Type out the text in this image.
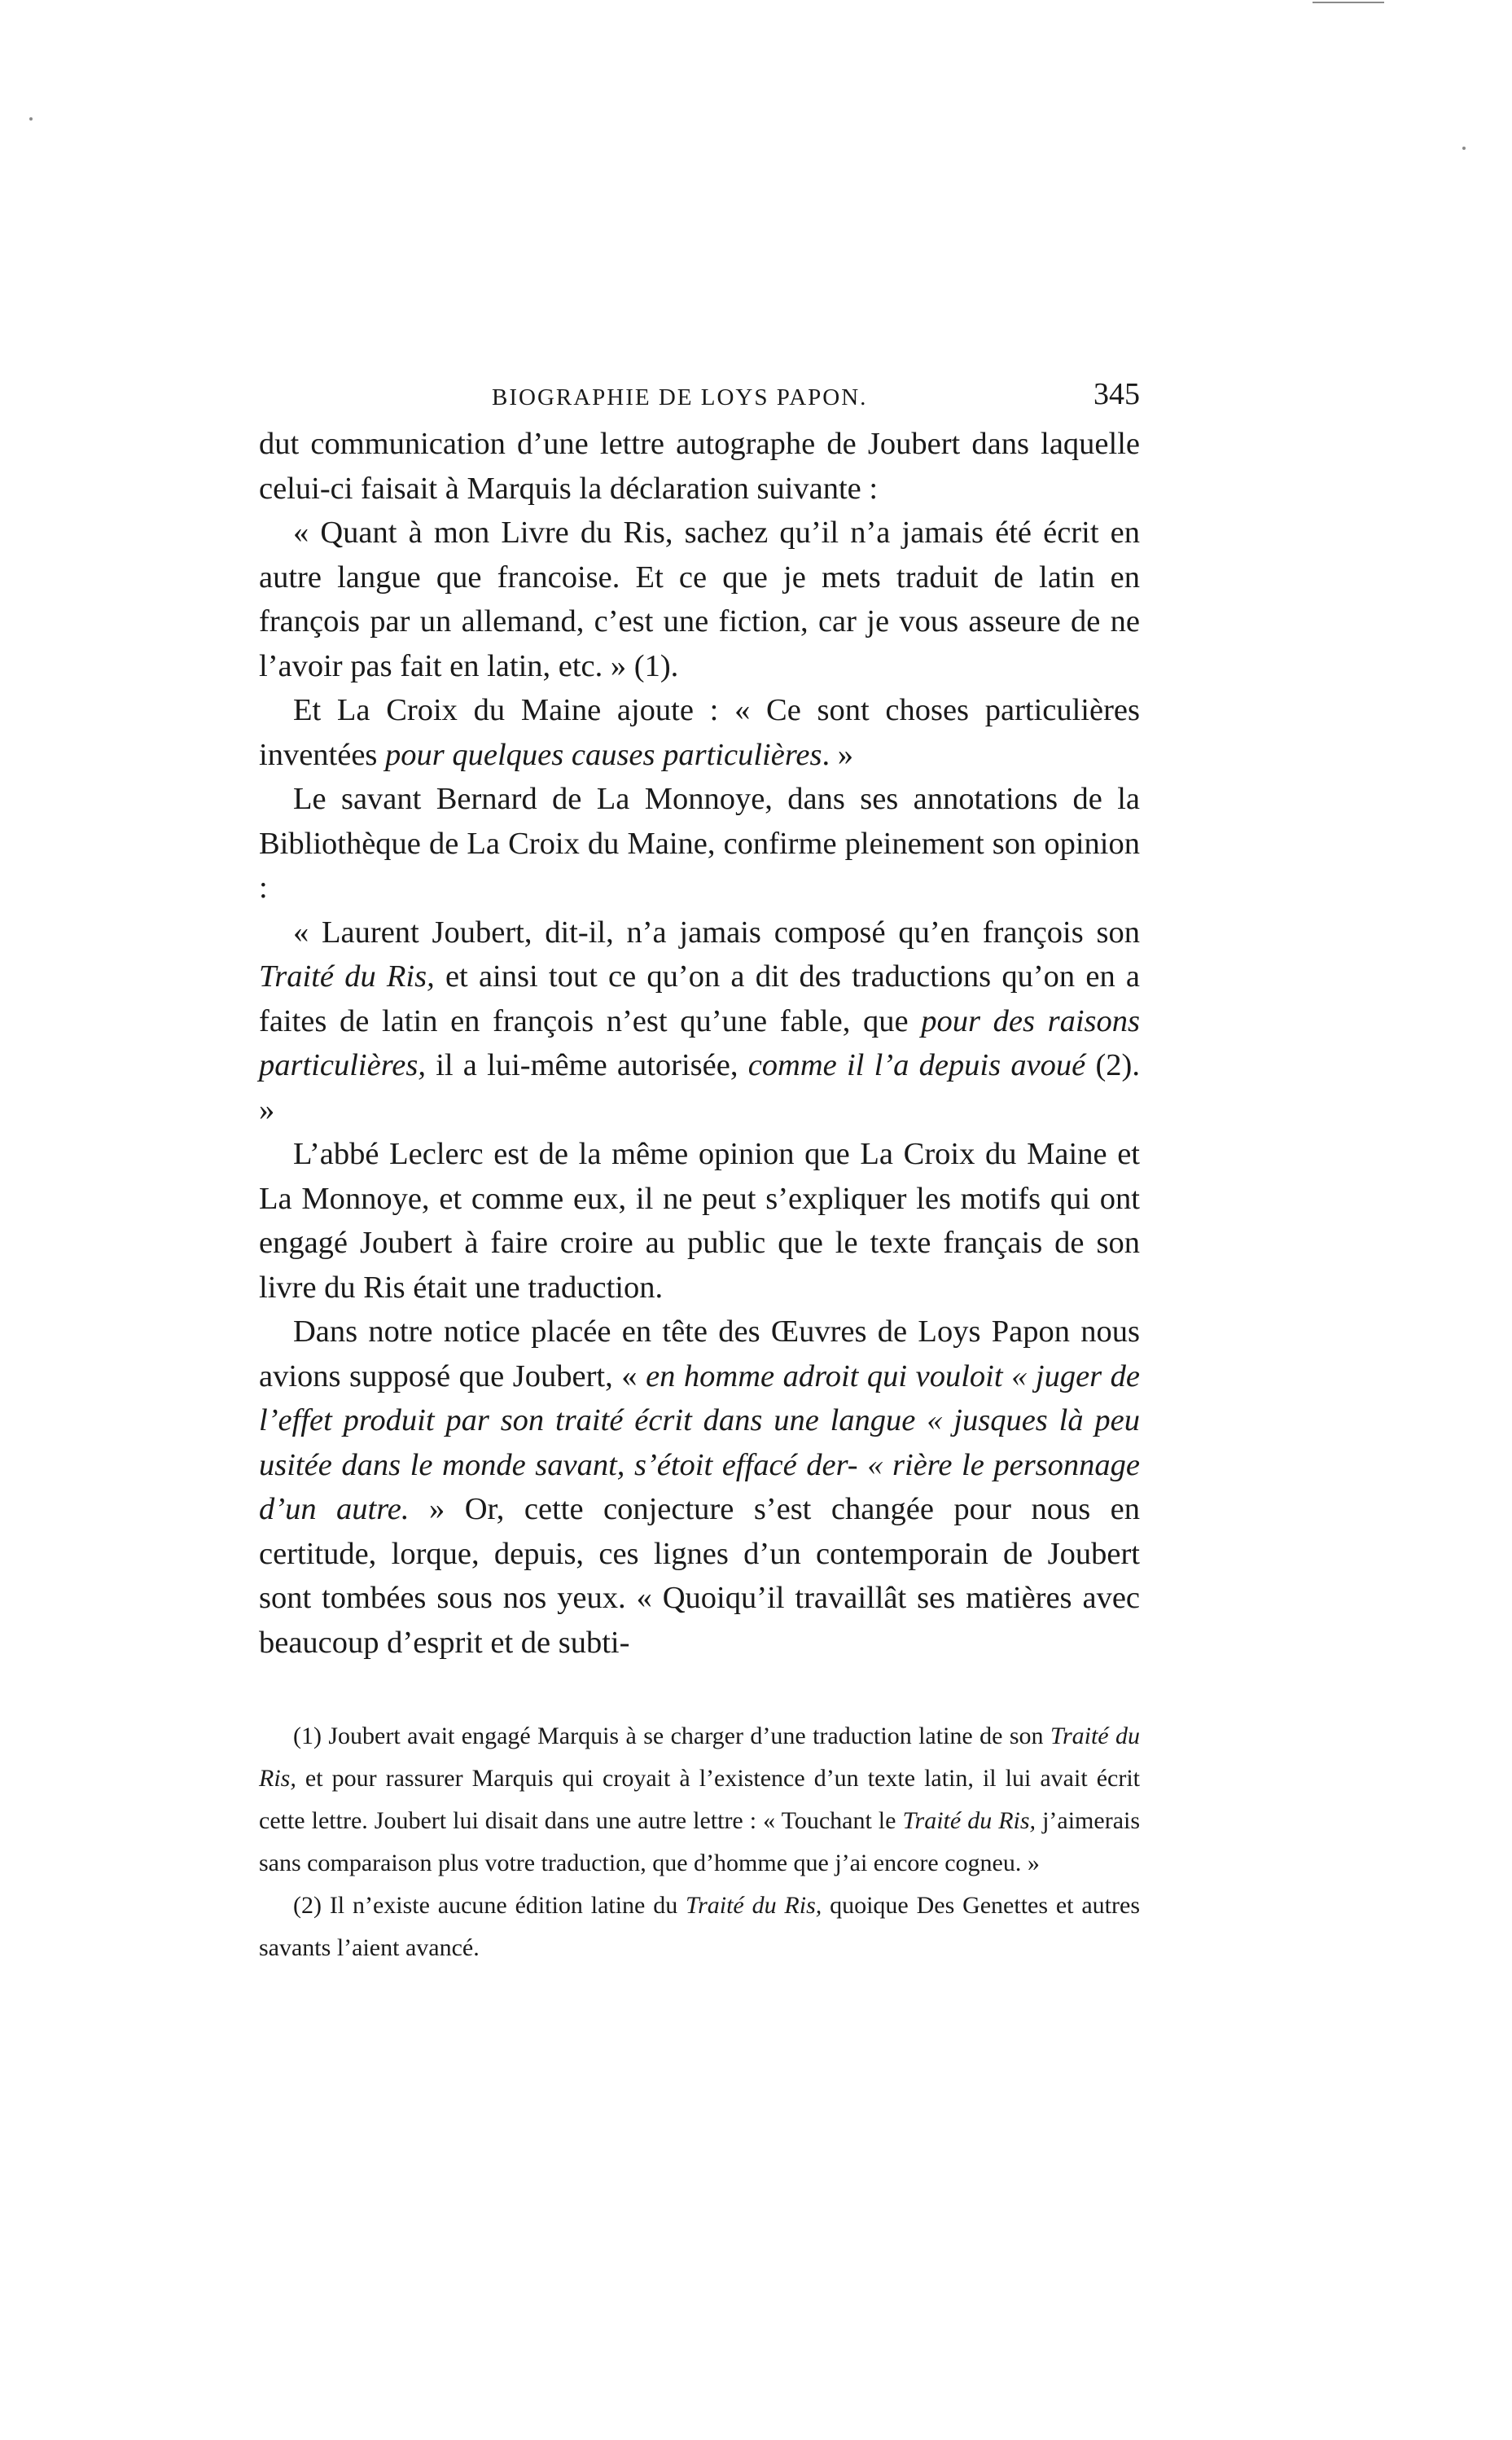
BIOGRAPHIE DE LOYS PAPON.	345

dut communication d’une lettre autographe de Joubert dans laquelle celui-ci faisait à Marquis la déclaration suivante :

« Quant à mon Livre du Ris, sachez qu’il n’a jamais été écrit en autre langue que francoise. Et ce que je mets traduit de latin en françois par un allemand, c’est une fiction, car je vous asseure de ne l’avoir pas fait en latin, etc. » (1).

Et La Croix du Maine ajoute : « Ce sont choses particulières inventées pour quelques causes particulières. »

Le savant Bernard de La Monnoye, dans ses annotations de la Bibliothèque de La Croix du Maine, confirme pleinement son opinion :

« Laurent Joubert, dit-il, n’a jamais composé qu’en françois son Traité du Ris, et ainsi tout ce qu’on a dit des traductions qu’on en a faites de latin en françois n’est qu’une fable, que pour des raisons particulières, il a lui-même autorisée, comme il l’a depuis avoué (2). »

L’abbé Leclerc est de la même opinion que La Croix du Maine et La Monnoye, et comme eux, il ne peut s’expliquer les motifs qui ont engagé Joubert à faire croire au public que le texte français de son livre du Ris était une traduction.

Dans notre notice placée en tête des Œuvres de Loys Papon nous avions supposé que Joubert, « en homme adroit qui vouloit « juger de l’effet produit par son traité écrit dans une langue « jusques là peu usitée dans le monde savant, s’étoit effacé der- « rière le personnage d’un autre. » Or, cette conjecture s’est changée pour nous en certitude, lorque, depuis, ces lignes d’un contemporain de Joubert sont tombées sous nos yeux. « Quoiqu’il travaillât ses matières avec beaucoup d’esprit et de subti-

(1) Joubert avait engagé Marquis à se charger d’une traduction latine de son Traité du Ris, et pour rassurer Marquis qui croyait à l’existence d’un texte latin, il lui avait écrit cette lettre. Joubert lui disait dans une autre lettre : « Touchant le Traité du Ris, j’aimerais sans comparaison plus votre traduction, que d’homme que j’ai encore cogneu. »

(2) Il n’existe aucune édition latine du Traité du Ris, quoique Des Genettes et autres savants l’aient avancé.
